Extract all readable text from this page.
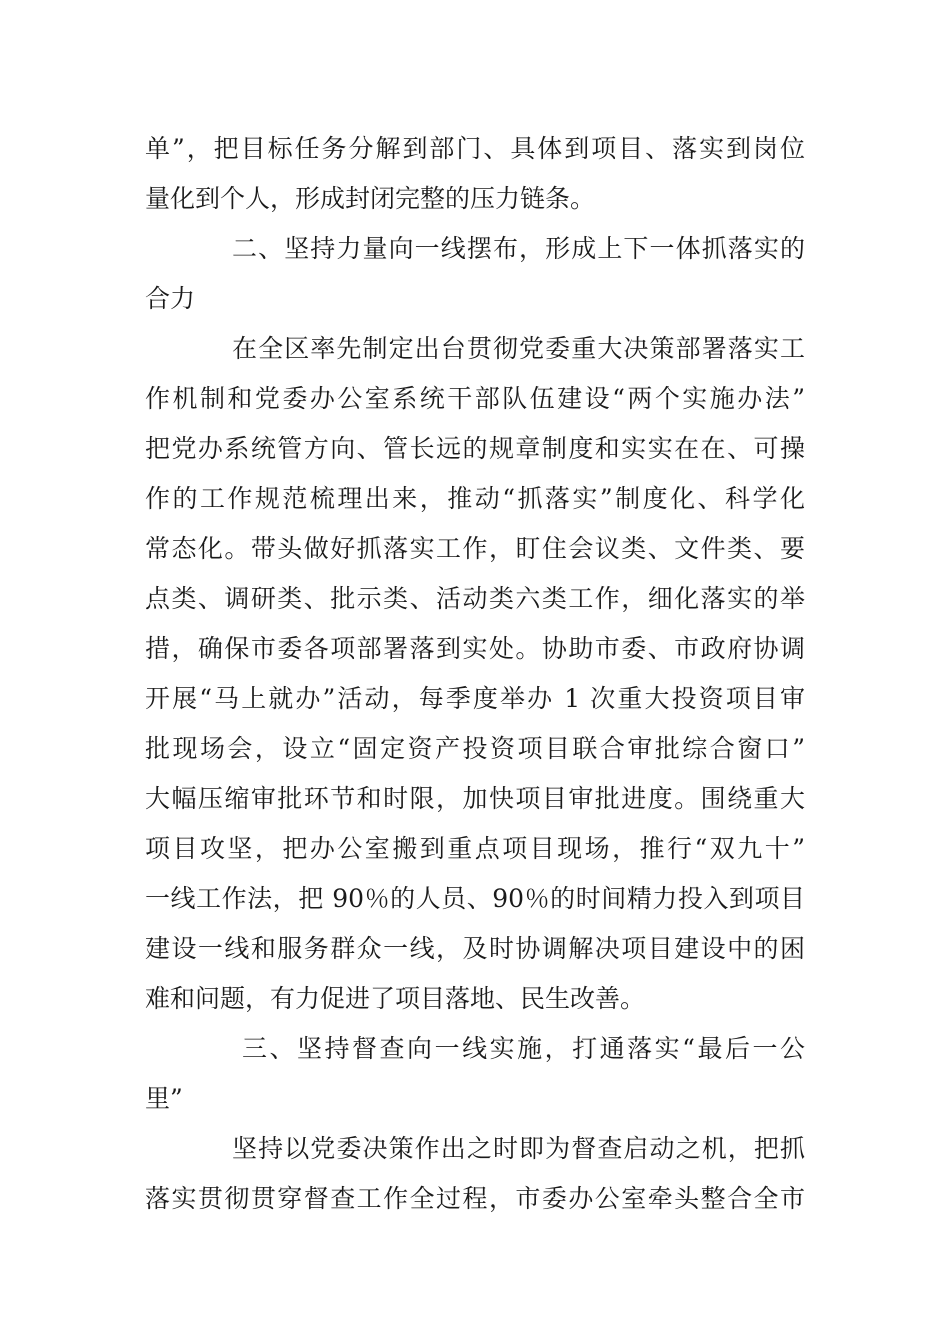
单”，把目标任务分解到部门、具体到项目、落实到岗位
量化到个人，形成封闭完整的压力链条。
二、坚持力量向一线摆布，形成上下一体抓落实的
合力
在全区率先制定出台贯彻党委重大决策部署落实工
作机制和党委办公室系统干部队伍建设“两个实施办法”
把党办系统管方向、管长远的规章制度和实实在在、可操
作的工作规范梳理出来，推动“抓落实”制度化、科学化
常态化。带头做好抓落实工作，盯住会议类、文件类、要
点类、调研类、批示类、活动类六类工作，细化落实的举
措，确保市委各项部署落到实处。协助市委、市政府协调
开展“马上就办”活动，每季度举办 1 次重大投资项目审
批现场会，设立“固定资产投资项目联合审批综合窗口”
大幅压缩审批环节和时限，加快项目审批进度。围绕重大
项目攻坚，把办公室搬到重点项目现场，推行“双九十”
一线工作法，把 90％的人员、90％的时间精力投入到项目
建设一线和服务群众一线，及时协调解决项目建设中的困
难和问题，有力促进了项目落地、民生改善。
三、坚持督查向一线实施，打通落实“最后一公
里”
坚持以党委决策作出之时即为督查启动之机，把抓
落实贯彻贯穿督查工作全过程，市委办公室牵头整合全市
